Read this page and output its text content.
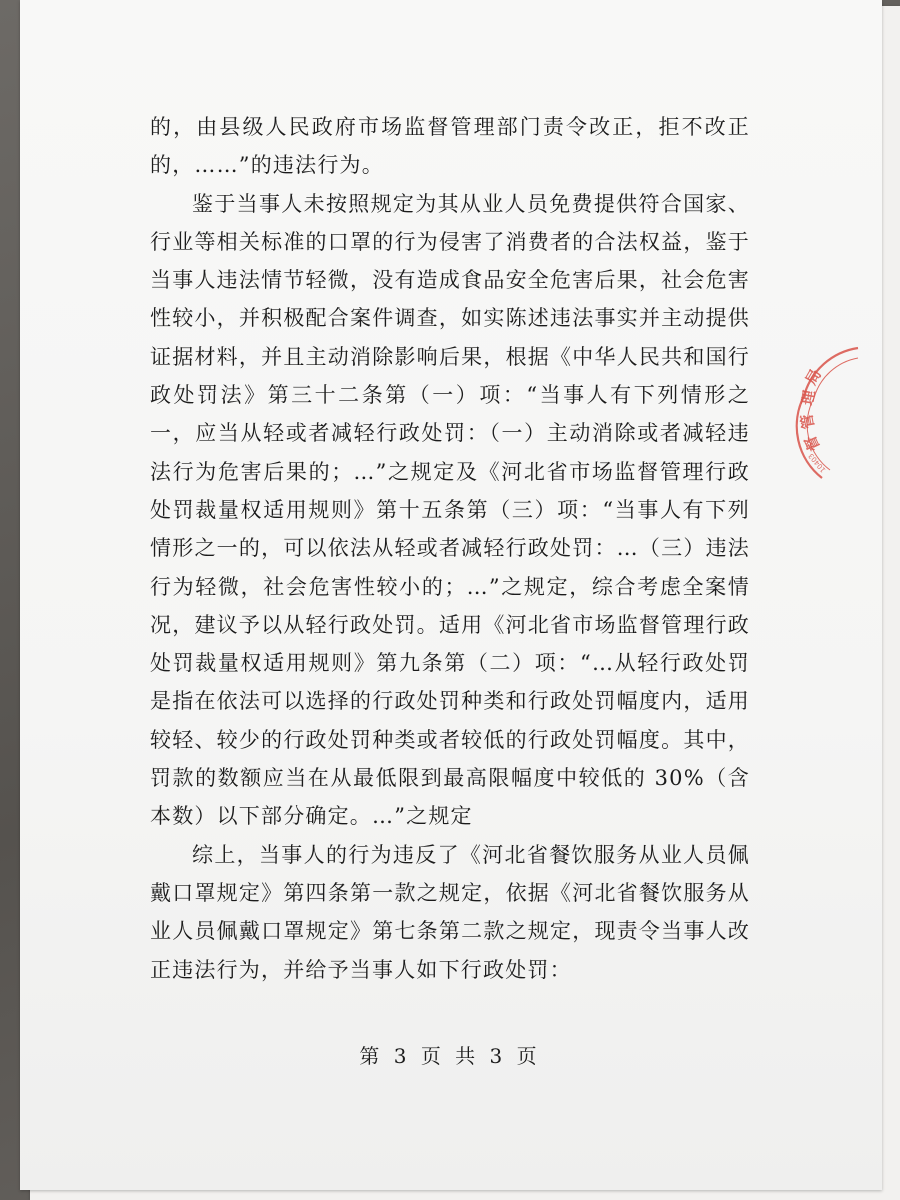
的，由县级人民政府市场监督管理部门责令改正，拒不改正的，……”的违法行为。

鉴于当事人未按照规定为其从业人员免费提供符合国家、行业等相关标准的口罩的行为侵害了消费者的合法权益，鉴于当事人违法情节轻微，没有造成食品安全危害后果，社会危害性较小，并积极配合案件调查，如实陈述违法事实并主动提供证据材料，并且主动消除影响后果，根据《中华人民共和国行政处罚法》第三十二条第（一）项：“当事人有下列情形之一，应当从轻或者减轻行政处罚：（一）主动消除或者减轻违法行为危害后果的；…”之规定及《河北省市场监督管理行政处罚裁量权适用规则》第十五条第（三）项：“当事人有下列情形之一的，可以依法从轻或者减轻行政处罚：…（三）违法行为轻微，社会危害性较小的；…”之规定，综合考虑全案情况，建议予以从轻行政处罚。适用《河北省市场监督管理行政处罚裁量权适用规则》第九条第（二）项：“…从轻行政处罚是指在依法可以选择的行政处罚种类和行政处罚幅度内，适用较轻、较少的行政处罚种类或者较低的行政处罚幅度。其中，罚款的数额应当在从最低限到最高限幅度中较低的 30%（含本数）以下部分确定。…”之规定

综上，当事人的行为违反了《河北省餐饮服务从业人员佩戴口罩规定》第四条第一款之规定，依据《河北省餐饮服务从业人员佩戴口罩规定》第七条第二款之规定，现责令当事人改正违法行为，并给予当事人如下行政处罚：

局
理
管
督
10403
第 3 页 共 3 页
